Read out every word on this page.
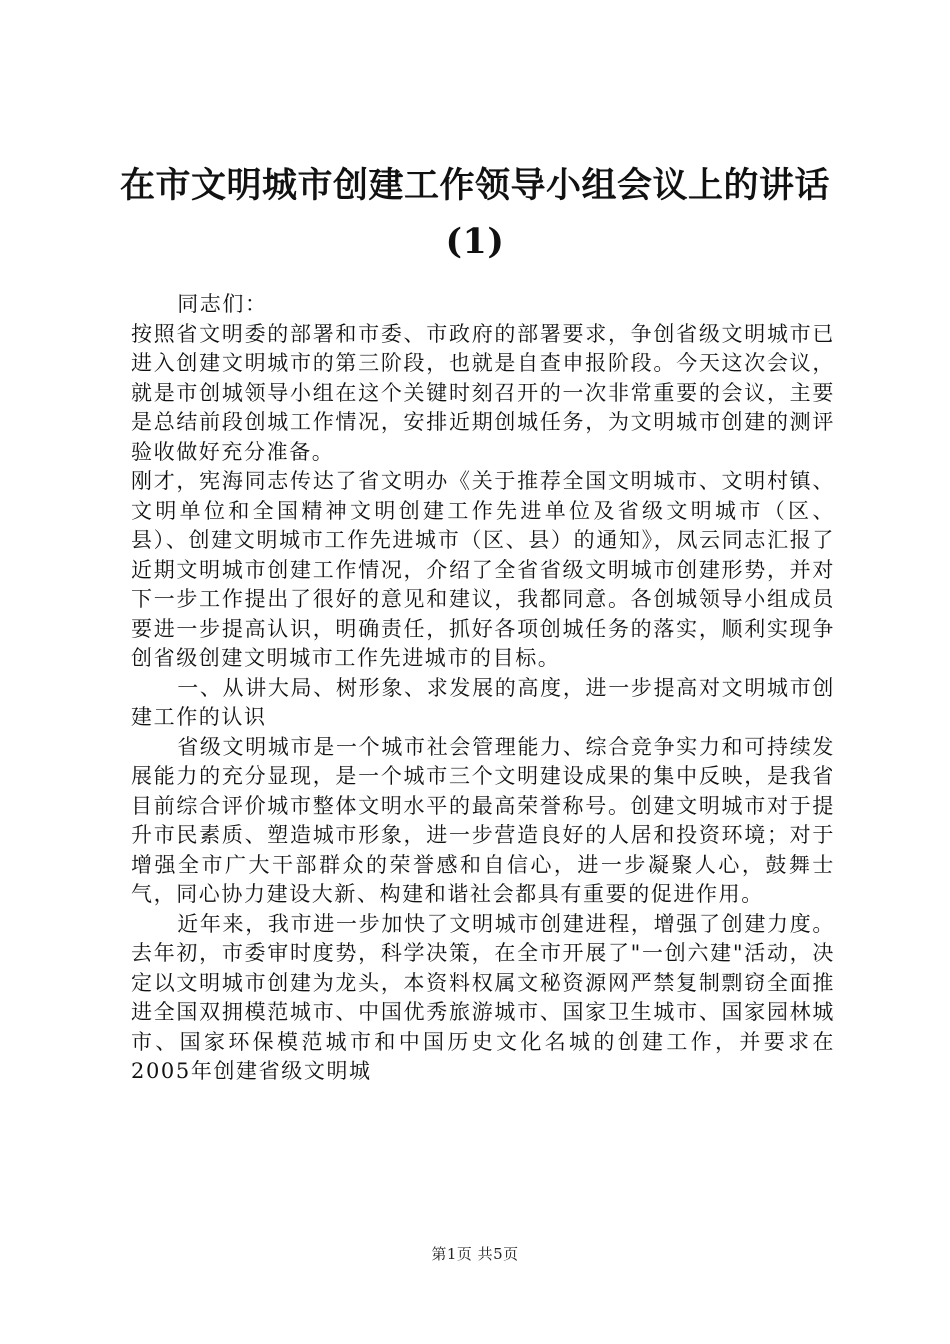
在市文明城市创建工作领导小组会议上的讲话
(1)

同志们：

按照省文明委的部署和市委、市政府的部署要求，争创省级文明城市已进入创建文明城市的第三阶段，也就是自查申报阶段。今天这次会议，就是市创城领导小组在这个关键时刻召开的一次非常重要的会议，主要是总结前段创城工作情况，安排近期创城任务，为文明城市创建的测评验收做好充分准备。

刚才，宪海同志传达了省文明办《关于推荐全国文明城市、文明村镇、文明单位和全国精神文明创建工作先进单位及省级文明城市（区、县）、创建文明城市工作先进城市（区、县）的通知》，凤云同志汇报了近期文明城市创建工作情况，介绍了全省省级文明城市创建形势，并对下一步工作提出了很好的意见和建议，我都同意。各创城领导小组成员要进一步提高认识，明确责任，抓好各项创城任务的落实，顺利实现争创省级创建文明城市工作先进城市的目标。

一、从讲大局、树形象、求发展的高度，进一步提高对文明城市创建工作的认识

省级文明城市是一个城市社会管理能力、综合竞争实力和可持续发展能力的充分显现，是一个城市三个文明建设成果的集中反映，是我省目前综合评价城市整体文明水平的最高荣誉称号。创建文明城市对于提升市民素质、塑造城市形象，进一步营造良好的人居和投资环境；对于增强全市广大干部群众的荣誉感和自信心，进一步凝聚人心，鼓舞士气，同心协力建设大新、构建和谐社会都具有重要的促进作用。

近年来，我市进一步加快了文明城市创建进程，增强了创建力度。去年初，市委审时度势，科学决策，在全市开展了"一创六建"活动，决定以文明城市创建为龙头，本资料权属文秘资源网严禁复制剽窃全面推进全国双拥模范城市、中国优秀旅游城市、国家卫生城市、国家园林城市、国家环保模范城市和中国历史文化名城的创建工作，并要求在2005年创建省级文明城

第1页 共5页
